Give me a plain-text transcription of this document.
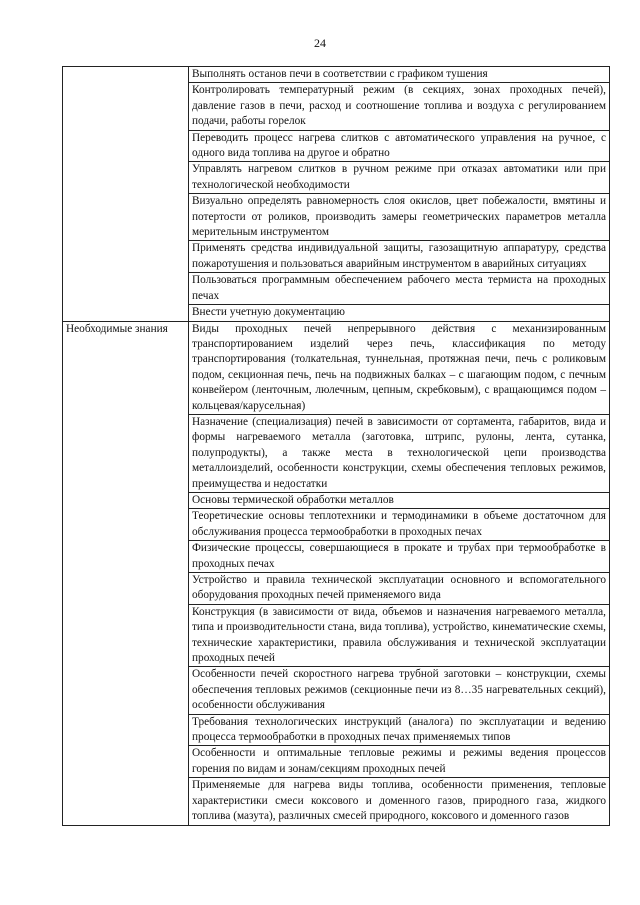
24
	Выполнять останов печи в соответствии с графиком тушения
	Контролировать температурный режим (в секциях, зонах проходных печей), давление газов в печи, расход и соотношение топлива и воздуха с регулированием подачи, работы горелок
	Переводить процесс нагрева слитков с автоматического управления на ручное, с одного вида топлива на другое и обратно
	Управлять нагревом слитков в ручном режиме при отказах автоматики или при технологической необходимости
	Визуально определять равномерность слоя окислов, цвет побежалости, вмятины и потертости от роликов, производить замеры геометрических параметров металла мерительным инструментом
	Применять средства индивидуальной защиты, газозащитную аппаратуру, средства пожаротушения и пользоваться аварийным инструментом в аварийных ситуациях
	Пользоваться программным обеспечением рабочего места термиста на проходных печах
	Внести учетную документацию
Необходимые знания	Виды проходных печей непрерывного действия с механизированным транспортированием изделий через печь, классификация по методу транспортирования (толкательная, туннельная, протяжная печи, печь с роликовым подом, секционная печь, печь на подвижных балках – с шагающим подом, с печным конвейером (ленточным, люлечным, цепным, скребковым), с вращающимся подом – кольцевая/карусельная)
	Назначение (специализация) печей в зависимости от сортамента, габаритов, вида и формы нагреваемого металла (заготовка, штрипс, рулоны, лента, сутанка, полупродукты), а также места в технологической цепи производства металлоизделий, особенности конструкции, схемы обеспечения тепловых режимов, преимущества и недостатки
	Основы термической обработки металлов
	Теоретические основы теплотехники и термодинамики в объеме достаточном для обслуживания процесса термообработки в проходных печах
	Физические процессы, совершающиеся в прокате и трубах при термообработке в проходных печах
	Устройство и правила технической эксплуатации основного и вспомогательного оборудования проходных печей применяемого вида
	Конструкция (в зависимости от вида, объемов и назначения нагреваемого металла, типа и производительности стана, вида топлива), устройство, кинематические схемы, технические характеристики, правила обслуживания и технической эксплуатации проходных печей
	Особенности печей скоростного нагрева трубной заготовки – конструкции, схемы обеспечения тепловых режимов (секционные печи из 8…35 нагревательных секций), особенности обслуживания
	Требования технологических инструкций (аналога) по эксплуатации и ведению процесса термообработки в проходных печах применяемых типов
	Особенности и оптимальные тепловые режимы и режимы ведения процессов горения по видам и зонам/секциям проходных печей
	Применяемые для нагрева виды топлива, особенности применения, тепловые характеристики смеси коксового и доменного газов, природного газа, жидкого топлива (мазута), различных смесей природного, коксового и доменного газов
